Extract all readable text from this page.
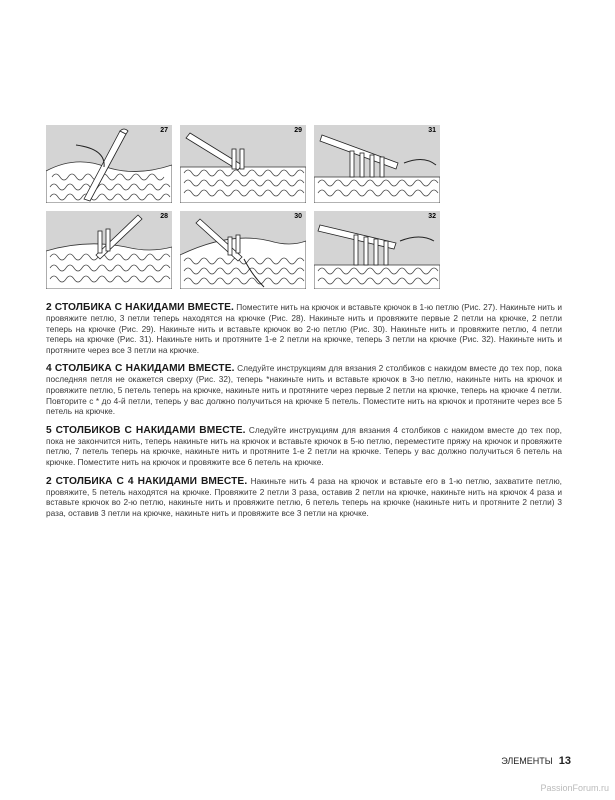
27	29	31
28	30	32

2 СТОЛБИКА С НАКИДАМИ ВМЕСТЕ. Поместите нить на крючок и вставьте крючок в 1-ю петлю (Рис. 27). Накиньте нить и провяжите петлю, 3 петли теперь находятся на крючке (Рис. 28). Накиньте нить и провяжите первые 2 петли на крючке, 2 петли теперь на крючке (Рис. 29). Накиньте нить и вставьте крючок во 2-ю петлю (Рис. 30). Накиньте нить и провяжите петлю, 4 петли теперь на крючке (Рис. 31). Накиньте нить и протяните 1-е 2 петли на крючке, теперь 3 петли на крючке (Рис. 32). Накиньте нить и протяните через все 3 петли на крючке.

4 СТОЛБИКА С НАКИДАМИ ВМЕСТЕ. Следуйте инструкциям для вязания 2 столбиков с накидом вместе до тех пор, пока последняя петля не окажется сверху (Рис. 32), теперь *накиньте нить и вставьте крючок в 3-ю петлю, накиньте нить на крючок и провяжите петлю, 5 петель теперь на крючке, накиньте нить и протяните через первые 2 петли на крючке, теперь на крючке 4 петли. Повторите с * до 4-й петли, теперь у вас должно получиться на крючке 5 петель. Поместите нить на крючок и протяните через все 5 петель на крючке.

5 СТОЛБИКОВ С НАКИДАМИ ВМЕСТЕ. Следуйте инструкциям для вязания 4 столбиков с накидом вместе до тех пор, пока не закончится нить, теперь накиньте нить на крючок и вставьте крючок в 5-ю петлю, переместите пряжу на крючок и провяжите петлю, 7 петель теперь на крючке, накиньте нить и протяните 1-е 2 петли на крючке. Теперь у вас должно получиться 6 петель на крючке. Поместите нить на крючок и провяжите все 6 петель на крючке.

2 СТОЛБИКА С 4 НАКИДАМИ ВМЕСТЕ. Накиньте нить 4 раза на крючок и вставьте его в 1-ю петлю, захватите петлю, провяжите, 5 петель находятся на крючке. Провяжите 2 петли 3 раза, оставив 2 петли на крючке, накиньте нить на крючок 4 раза и вставьте крючок во 2-ю петлю, накиньте нить и провяжите петлю, 6 петель теперь на крючке (накиньте нить и протяните 2 петли) 3 раза, оставив 3 петли на крючке, накиньте нить и провяжите все 3 петли на крючке.

ЭЛЕМЕНТЫ 13
PassionForum.ru
